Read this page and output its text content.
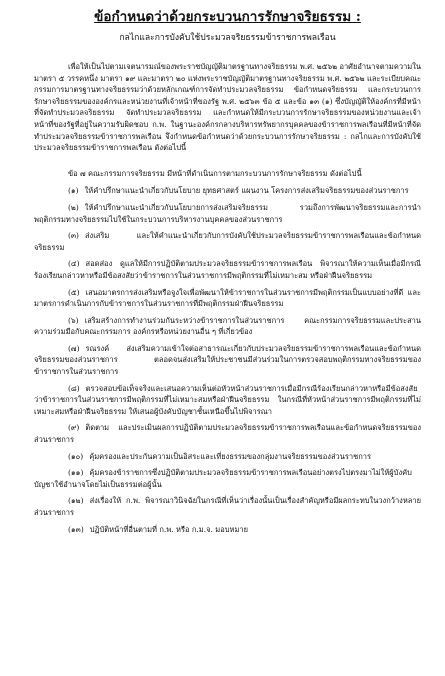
ข้อกำหนดว่าด้วยกระบวนการรักษาจริยธรรม :
กลไกและการบังคับใช้ประมวลจริยธรรมข้าราชการพลเรือน

เพื่อให้เป็นไปตามเจตนารมณ์ของพระราชบัญญัติมาตรฐานทางจริยธรรม พ.ศ. ๒๕๖๒ อาศัยอำนาจตามความในมาตรา ๕ วรรคหนึ่ง มาตรา ๑๙ และมาตรา ๒๐ แห่งพระราชบัญญัติมาตรฐานทางจริยธรรม พ.ศ. ๒๕๖๒ และระเบียบคณะกรรมการมาตรฐานทางจริยธรรมว่าด้วยหลักเกณฑ์การจัดทำประมวลจริยธรรม ข้อกำหนดจริยธรรม และกระบวนการรักษาจริยธรรมขององค์กรและหน่วยงานที่เจ้าหน้าที่ของรัฐ พ.ศ. ๒๕๖๓ ข้อ ๕ และข้อ ๑๓ (๑) ซึ่งบัญญัติให้องค์กรที่มีหน้าที่จัดทำประมวลจริยธรรม จัดทำประมวลจริยธรรม และกำหนดให้มีกระบวนการรักษาจริยธรรมของหน่วยงานและเจ้าหน้าที่ของรัฐที่อยู่ในความรับผิดชอบ ก.พ. ในฐานะองค์กรกลางบริหารทรัพยากรบุคคลของข้าราชการพลเรือนที่มีหน้าที่จัดทำประมวลจริยธรรมข้าราชการพลเรือน จึงกำหนดข้อกำหนดว่าด้วยกระบวนการรักษาจริยธรรม : กลไกและการบังคับใช้ประมวลจริยธรรมข้าราชการพลเรือน ดังต่อไปนี้

ข้อ ๗ คณะกรรมการจริยธรรม มีหน้าที่ดำเนินการตามกระบวนการรักษาจริยธรรม ดังต่อไปนี้

(๑) ให้คำปรึกษาแนะนำเกี่ยวกับนโยบาย ยุทธศาสตร์ แผนงาน โครงการส่งเสริมจริยธรรมของส่วนราชการ

(๒) ให้คำปรึกษาแนะนำเกี่ยวกับนโยบายการส่งเสริมจริยธรรม รวมถึงการพัฒนาจริยธรรมและการนำพฤติกรรมทางจริยธรรมไปใช้ในกระบวนการบริหารงานบุคคลของส่วนราชการ

(๓) ส่งเสริม และให้คำแนะนำเกี่ยวกับการบังคับใช้ประมวลจริยธรรมข้าราชการพลเรือนและข้อกำหนดจริยธรรม

(๔) สอดส่อง ดูแลให้มีการปฏิบัติตามประมวลจริยธรรมข้าราชการพลเรือน พิจารณาให้ความเห็นเมื่อมีกรณีร้องเรียนกล่าวหาหรือมีข้อสงสัยว่าข้าราชการในส่วนราชการมีพฤติกรรมที่ไม่เหมาะสม หรือฝ่าฝืนจริยธรรม

(๕) เสนอมาตรการส่งเสริมหรือจูงใจเพื่อพัฒนาให้ข้าราชการในส่วนราชการมีพฤติกรรมเป็นแบบอย่างที่ดี และมาตรการดำเนินการกับข้าราชการในส่วนราชการที่มีพฤติกรรมฝ่าฝืนจริยธรรม

(๖) เสริมสร้างการทำงานร่วมกันระหว่างข้าราชการในส่วนราชการ คณะกรรมการจริยธรรมและประสานความร่วมมือกับคณะกรรมการ องค์กรหรือหน่วยงานอื่น ๆ ที่เกี่ยวข้อง

(๗) รณรงค์ ส่งเสริมความเข้าใจต่อสาธารณะเกี่ยวกับประมวลจริยธรรมข้าราชการพลเรือนและข้อกำหนดจริยธรรมของส่วนราชการ ตลอดจนส่งเสริมให้ประชาชนมีส่วนร่วมในการตรวจสอบพฤติกรรมทางจริยธรรมของข้าราชการในส่วนราชการ

(๘) ตรวจสอบข้อเท็จจริงและเสนอความเห็นต่อหัวหน้าส่วนราชการเมื่อมีกรณีร้องเรียนกล่าวหาหรือมีข้อสงสัยว่าข้าราชการในส่วนราชการมีพฤติกรรมที่ไม่เหมาะสมหรือฝ่าฝืนจริยธรรม ในกรณีที่หัวหน้าส่วนราชการมีพฤติกรรมที่ไม่เหมาะสมหรือฝ่าฝืนจริยธรรม ให้เสนอผู้บังคับบัญชาชั้นเหนือขึ้นไปพิจารณา

(๙) ติดตาม และประเมินผลการปฏิบัติตามประมวลจริยธรรมข้าราชการพลเรือนและข้อกำหนดจริยธรรมของส่วนราชการ

(๑๐) คุ้มครองและประกันความเป็นอิสระและเที่ยงธรรมของกลุ่มงานจริยธรรมของส่วนราชการ

(๑๑) คุ้มครองข้าราชการซึ่งปฏิบัติตามประมวลจริยธรรมข้าราชการพลเรือนอย่างตรงไปตรงมาไม่ให้ผู้บังคับบัญชาใช้อำนาจโดยไม่เป็นธรรมต่อผู้นั้น

(๑๒) ส่งเรื่องให้ ก.พ. พิจารณาวินิจฉัยในกรณีที่เห็นว่าเรื่องนั้นเป็นเรื่องสำคัญหรือมีผลกระทบในวงกว้างหลายส่วนราชการ

(๑๓) ปฏิบัติหน้าที่อื่นตามที่ ก.พ. หรือ ก.ม.จ. มอบหมาย
